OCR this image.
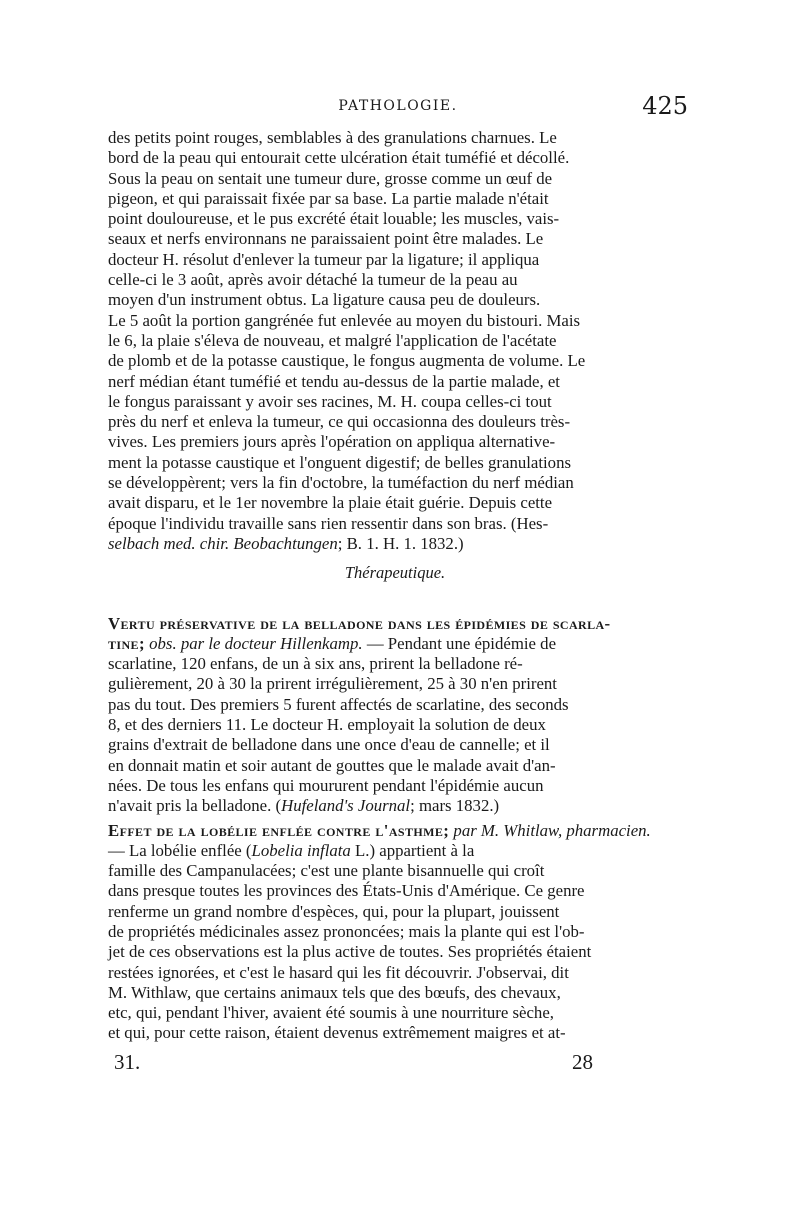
PATHOLOGIE.	425

des petits point rouges, semblables à des granulations charnues. Le

bord de la peau qui entourait cette ulcération était tuméfié et décollé.

Sous la peau on sentait une tumeur dure, grosse comme un œuf de

pigeon, et qui paraissait fixée par sa base. La partie malade n'était

point douloureuse, et le pus excrété était louable; les muscles, vais-

seaux et nerfs environnans ne paraissaient point être malades. Le

docteur H. résolut d'enlever la tumeur par la ligature; il appliqua

celle-ci le 3 août, après avoir détaché la tumeur de la peau au

moyen d'un instrument obtus. La ligature causa peu de douleurs.

Le 5 août la portion gangrénée fut enlevée au moyen du bistouri. Mais

le 6, la plaie s'éleva de nouveau, et malgré l'application de l'acétate

de plomb et de la potasse caustique, le fongus augmenta de volume. Le

nerf médian étant tuméfié et tendu au-dessus de la partie malade, et

le fongus paraissant y avoir ses racines, M. H. coupa celles-ci tout

près du nerf et enleva la tumeur, ce qui occasionna des douleurs très-

vives. Les premiers jours après l'opération on appliqua alternative-

ment la potasse caustique et l'onguent digestif; de belles granulations

se développèrent; vers la fin d'octobre, la tuméfaction du nerf médian

avait disparu, et le 1er novembre la plaie était guérie. Depuis cette

époque l'individu travaille sans rien ressentir dans son bras. (Hes-

selbach med. chir. Beobachtungen; B. 1. H. 1. 1832.)

Thérapeutique.

Vertu préservative de la belladone dans les épidémies de scarla-

tine; obs. par le docteur Hillenkamp. — Pendant une épidémie de

scarlatine, 120 enfans, de un à six ans, prirent la belladone ré-

gulièrement, 20 à 30 la prirent irrégulièrement, 25 à 30 n'en prirent

pas du tout. Des premiers 5 furent affectés de scarlatine, des seconds

8, et des derniers 11. Le docteur H. employait la solution de deux

grains d'extrait de belladone dans une once d'eau de cannelle; et il

en donnait matin et soir autant de gouttes que le malade avait d'an-

nées. De tous les enfans qui moururent pendant l'épidémie aucun

n'avait pris la belladone. (Hufeland's Journal; mars 1832.)

Effet de la lobélie enflée contre l'asthme; par M. Whitlaw, pharmacien.

— La lobélie enflée (Lobelia inflata L.) appartient à la

famille des Campanulacées; c'est une plante bisannuelle qui croît

dans presque toutes les provinces des États-Unis d'Amérique. Ce genre

renferme un grand nombre d'espèces, qui, pour la plupart, jouissent

de propriétés médicinales assez prononcées; mais la plante qui est l'ob-

jet de ces observations est la plus active de toutes. Ses propriétés étaient

restées ignorées, et c'est le hasard qui les fit découvrir. J'observai, dit

M. Withlaw, que certains animaux tels que des bœufs, des chevaux,

etc, qui, pendant l'hiver, avaient été soumis à une nourriture sèche,

et qui, pour cette raison, étaient devenus extrêmement maigres et at-

31.	28
